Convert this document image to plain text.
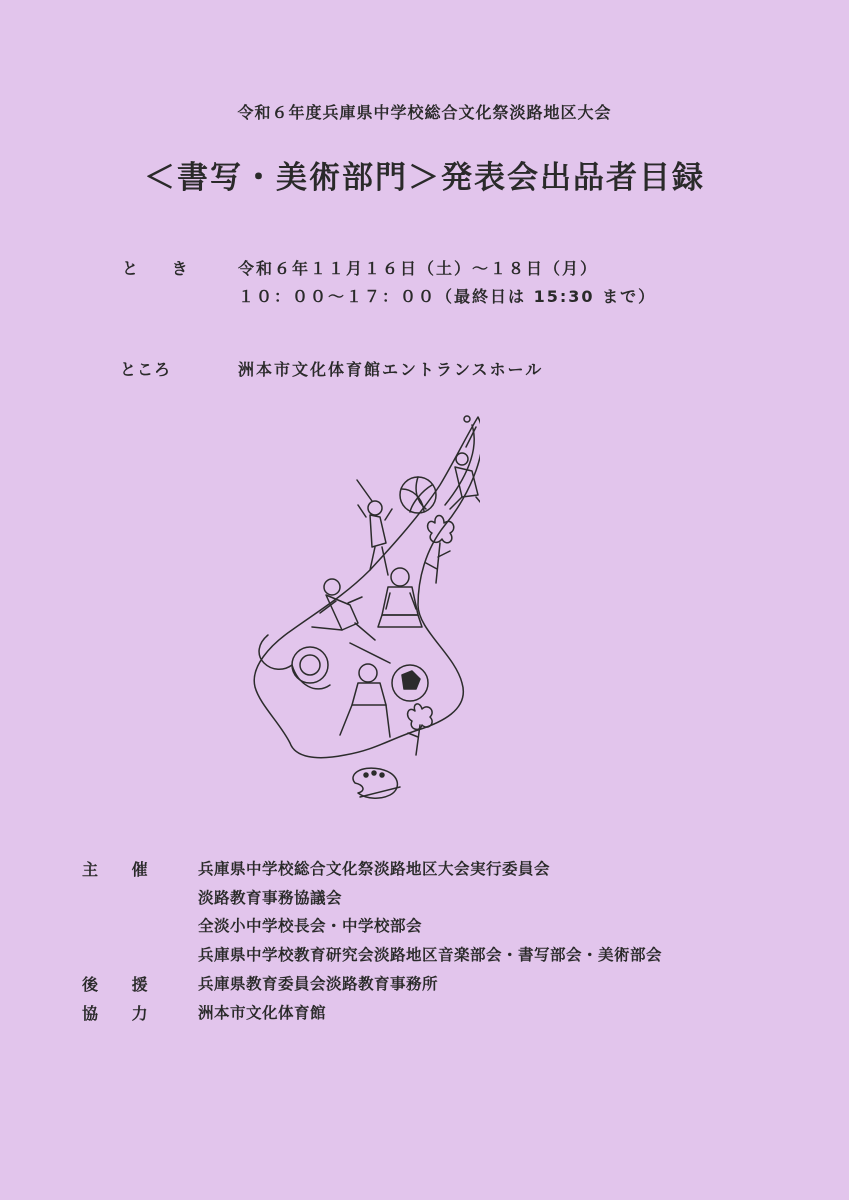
令和６年度兵庫県中学校総合文化祭淡路地区大会
＜書写・美術部門＞発表会出品者目録
と き 令和６年１１月１６日（土）～１８日（月）
１０：００～１７：００（最終日は 15:30 まで）
ところ	洲本市文化体育館エントランスホール
主 催 兵庫県中学校総合文化祭淡路地区大会実行委員会
淡路教育事務協議会
全淡小中学校長会・中学校部会
兵庫県中学校教育研究会淡路地区音楽部会・書写部会・美術部会
後 援 兵庫県教育委員会淡路教育事務所
協 力 洲本市文化体育館
